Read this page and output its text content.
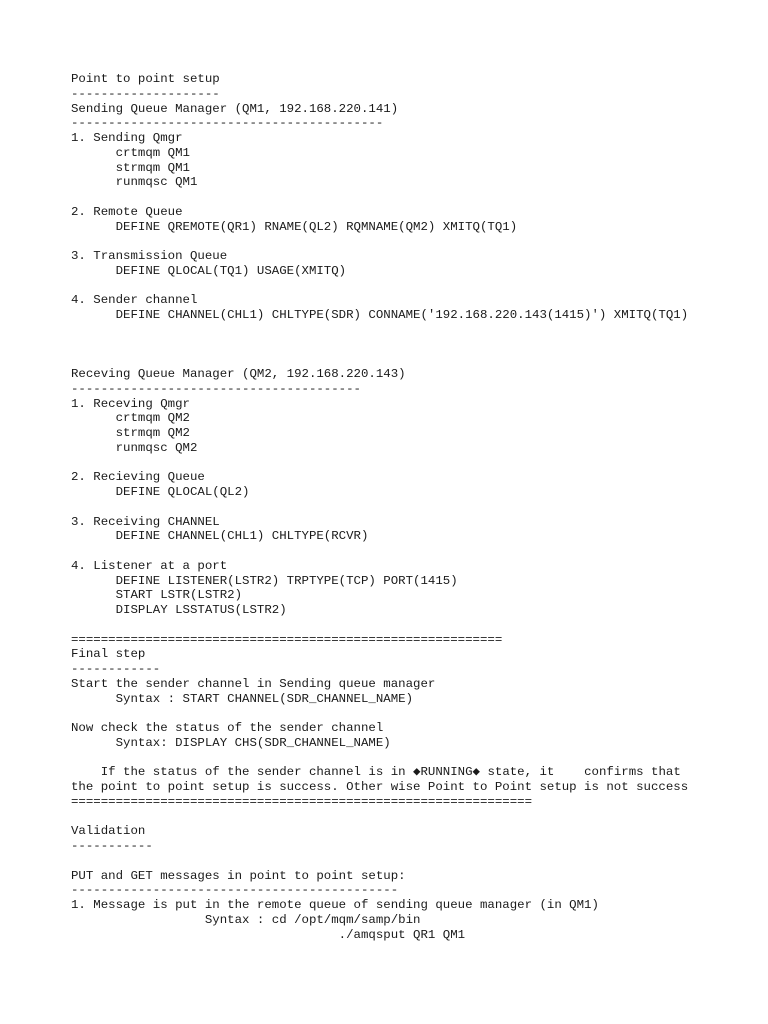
Point to point setup
--------------------
Sending Queue Manager (QM1, 192.168.220.141)
------------------------------------------
1. Sending Qmgr
crtmqm QM1
strmqm QM1
runmqsc QM1
2. Remote Queue
DEFINE QREMOTE(QR1) RNAME(QL2) RQMNAME(QM2) XMITQ(TQ1)
3. Transmission Queue
DEFINE QLOCAL(TQ1) USAGE(XMITQ)
4. Sender channel
DEFINE CHANNEL(CHL1) CHLTYPE(SDR) CONNAME('192.168.220.143(1415)') XMITQ(TQ1)
Receving Queue Manager (QM2, 192.168.220.143)
---------------------------------------
1. Receving Qmgr
crtmqm QM2
strmqm QM2
runmqsc QM2
2. Recieving Queue
DEFINE QLOCAL(QL2)
3. Receiving CHANNEL
DEFINE CHANNEL(CHL1) CHLTYPE(RCVR)
4. Listener at a port
DEFINE LISTENER(LSTR2) TRPTYPE(TCP) PORT(1415)
START LSTR(LSTR2)
DISPLAY LSSTATUS(LSTR2)
==========================================================
Final step
------------
Start the sender channel in Sending queue manager
Syntax : START CHANNEL(SDR_CHANNEL_NAME)
Now check the status of the sender channel
Syntax: DISPLAY CHS(SDR_CHANNEL_NAME)
If the status of the sender channel is in ◆RUNNING◆ state, it    confirms that
the point to point setup is success. Other wise Point to Point setup is not success
==============================================================
Validation
-----------
PUT and GET messages in point to point setup:
--------------------------------------------
1. Message is put in the remote queue of sending queue manager (in QM1)
Syntax : cd /opt/mqm/samp/bin
./amqsput QR1 QM1
